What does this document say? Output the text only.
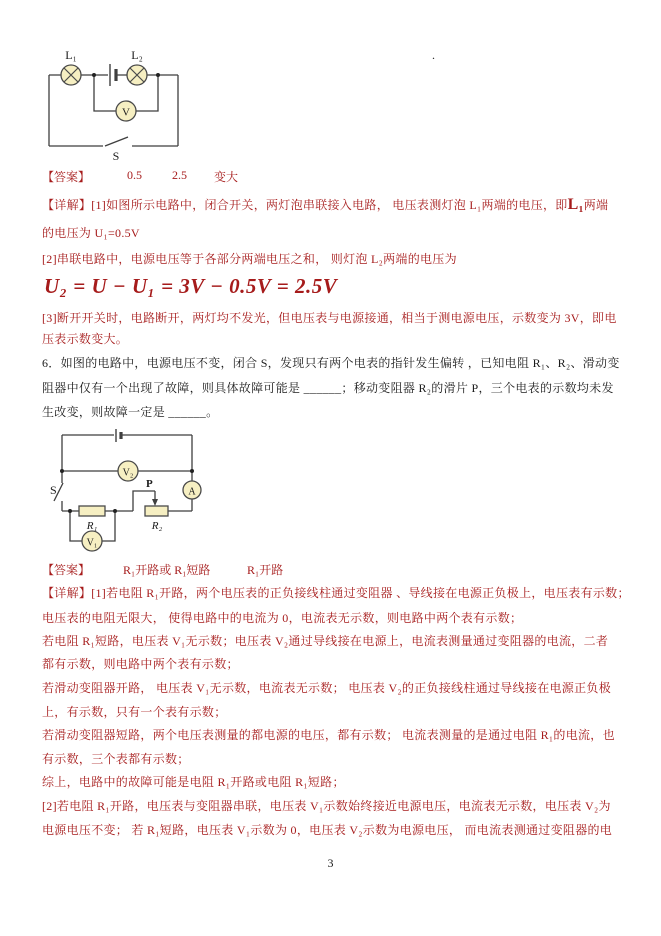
.
V
L₁	L₂
S
【答案】	0.5	2.5 变大
【详解】[1]如图所示电路中，闭合开关，两灯泡串联接入电路， 电压表测灯泡 L₁两端的电压，即L₁两端
的电压为 U₁=0.5V
[2]串联电路中，电源电压等于各部分两端电压之和， 则灯泡 L₂两端的电压为
U₂ = U − U₁ = 3V − 0.5V = 2.5V
[3]断开开关时，电路断开，两灯均不发光，但电压表与电源接通，相当于测电源电压，示数变为 3V，即电
压表示数变大。
6．如图的电路中，电源电压不变，闭合 S，发现只有两个电表的指针发生偏转 ，已知电阻 R₁、R₂、滑动变
阻器中仅有一个出现了故障，则具体故障可能是 ______；移动变阻器 R₂的滑片 P，三个电表的示数均未发
生改变，则故障一定是 ______。
V₂
A
V₁
S	P
R₁	R₂
【答案】	R₁开路或 R₁短路	R₁开路
【详解】[1]若电阻 R₁开路，两个电压表的正负接线柱通过变阻器 、导线接在电源正负极上，电压表有示数；
电压表的电阻无限大， 使得电路中的电流为 0，电流表无示数，则电路中两个表有示数；
若电阻 R₁短路，电压表 V₁无示数；电压表 V₂通过导线接在电源上，电流表测量通过变阻器的电流，二者
都有示数，则电路中两个表有示数；
若滑动变阻器开路， 电压表 V₁无示数，电流表无示数； 电压表 V₂的正负接线柱通过导线接在电源正负极
上，有示数，只有一个表有示数；
若滑动变阻器短路，两个电压表测量的都电源的电压，都有示数； 电流表测量的是通过电阻 R₁的电流，也
有示数，三个表都有示数；
综上，电路中的故障可能是电阻 R₁开路或电阻 R₁短路；
[2]若电阻 R₁开路，电压表与变阻器串联，电压表 V₁示数始终接近电源电压，电流表无示数，电压表 V₂为
电源电压不变； 若 R₁短路，电压表 V₁示数为 0，电压表 V₂示数为电源电压， 而电流表测通过变阻器的电
3
